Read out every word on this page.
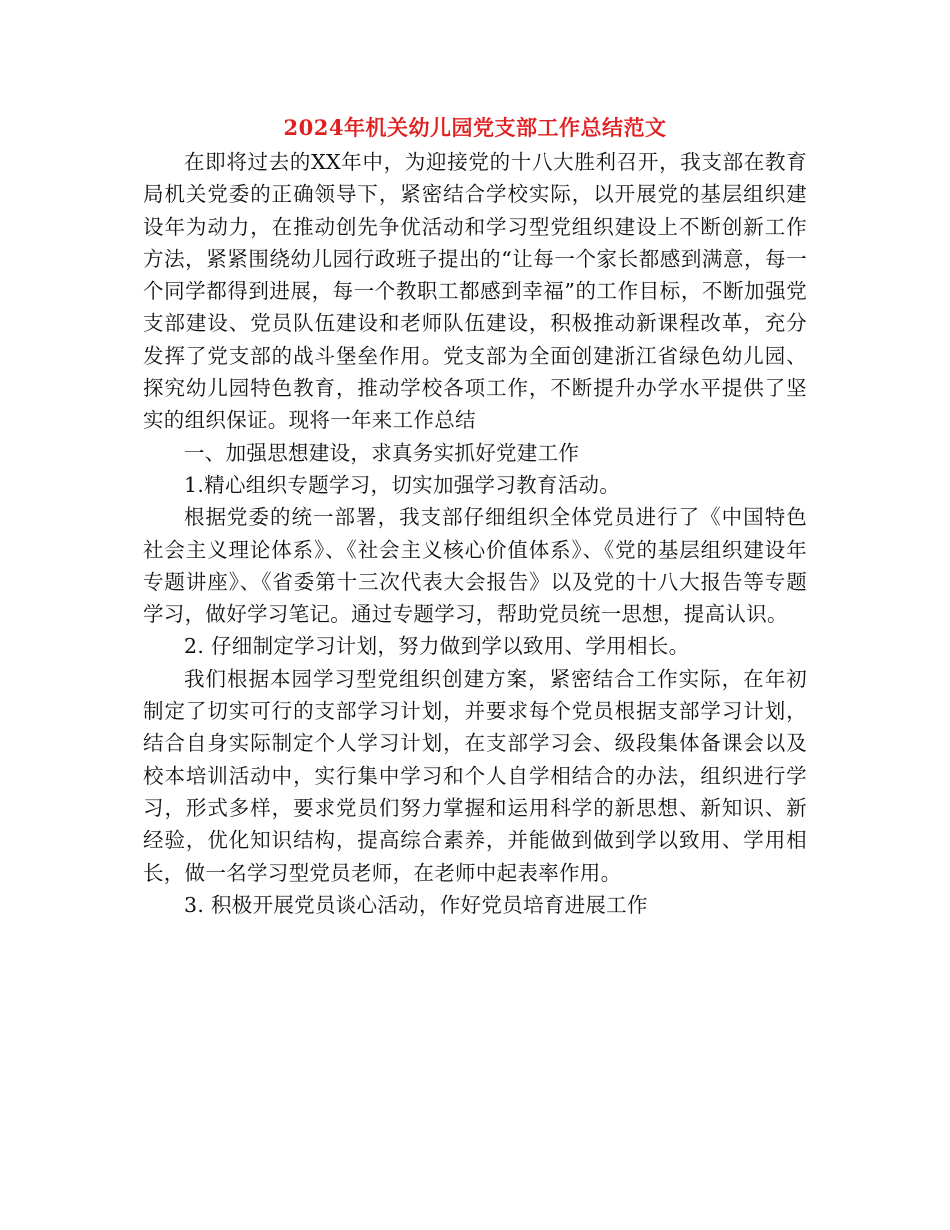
2024年机关幼儿园党支部工作总结范文

在即将过去的XX年中，为迎接党的十八大胜利召开，我支部在教育局机关党委的正确领导下，紧密结合学校实际，以开展党的基层组织建设年为动力，在推动创先争优活动和学习型党组织建设上不断创新工作方法，紧紧围绕幼儿园行政班子提出的“让每一个家长都感到满意，每一个同学都得到进展，每一个教职工都感到幸福”的工作目标，不断加强党支部建设、党员队伍建设和老师队伍建设，积极推动新课程改革，充分发挥了党支部的战斗堡垒作用。党支部为全面创建浙江省绿色幼儿园、探究幼儿园特色教育，推动学校各项工作，不断提升办学水平提供了坚实的组织保证。现将一年来工作总结

一、加强思想建设，求真务实抓好党建工作

1.精心组织专题学习，切实加强学习教育活动。

根据党委的统一部署，我支部仔细组织全体党员进行了《中国特色社会主义理论体系》、《社会主义核心价值体系》、《党的基层组织建设年专题讲座》、《省委第十三次代表大会报告》以及党的十八大报告等专题学习，做好学习笔记。通过专题学习，帮助党员统一思想，提高认识。

2. 仔细制定学习计划，努力做到学以致用、学用相长。

我们根据本园学习型党组织创建方案，紧密结合工作实际，在年初制定了切实可行的支部学习计划，并要求每个党员根据支部学习计划，结合自身实际制定个人学习计划，在支部学习会、级段集体备课会以及校本培训活动中，实行集中学习和个人自学相结合的办法，组织进行学习，形式多样，要求党员们努力掌握和运用科学的新思想、新知识、新经验，优化知识结构，提高综合素养，并能做到做到学以致用、学用相长，做一名学习型党员老师，在老师中起表率作用。

3. 积极开展党员谈心活动，作好党员培育进展工作
